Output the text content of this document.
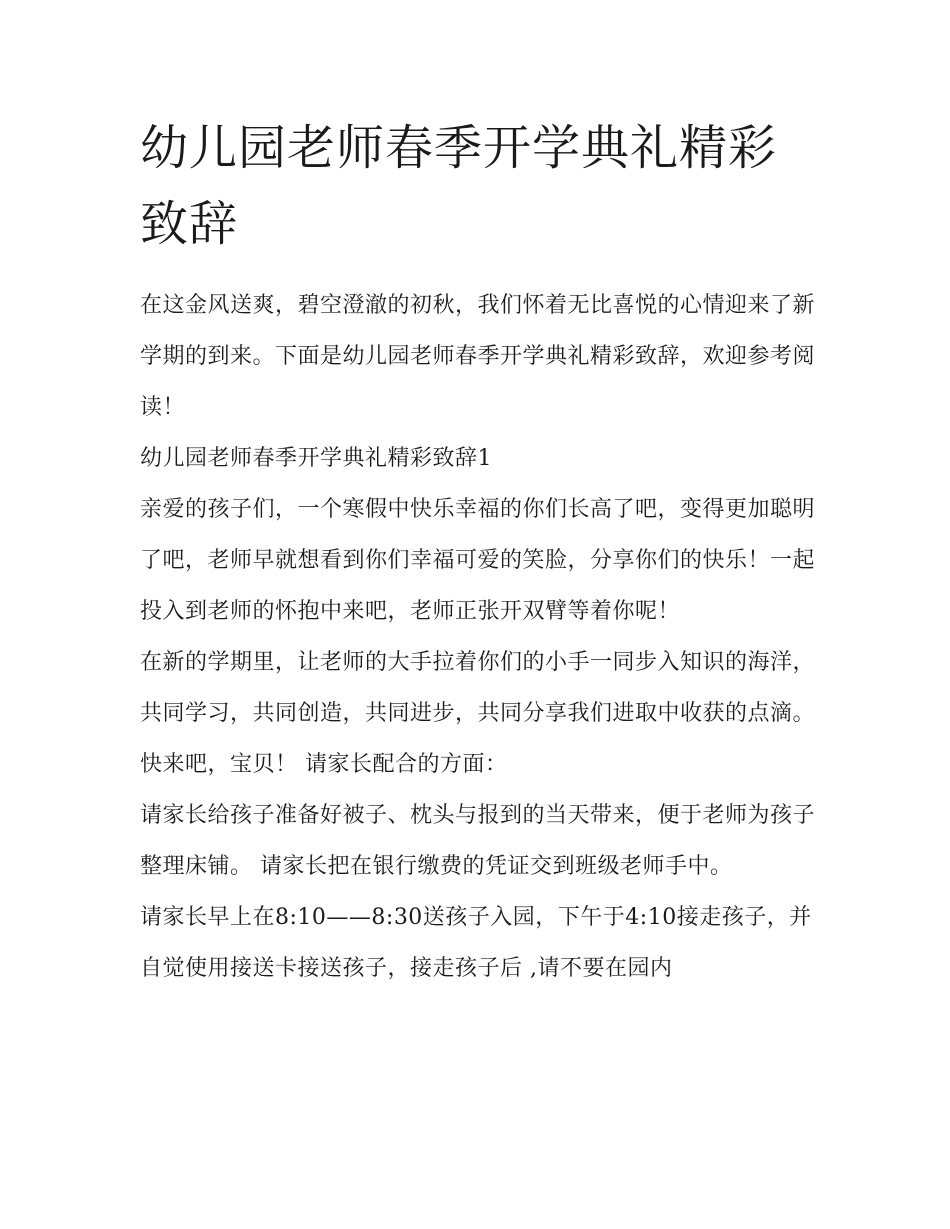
幼儿园老师春季开学典礼精彩致辞

在这金风送爽，碧空澄澈的初秋，我们怀着无比喜悦的心情迎来了新学期的到来。下面是幼儿园老师春季开学典礼精彩致辞，欢迎参考阅读！

幼儿园老师春季开学典礼精彩致辞1

亲爱的孩子们，一个寒假中快乐幸福的你们长高了吧，变得更加聪明了吧，老师早就想看到你们幸福可爱的笑脸，分享你们的快乐！一起投入到老师的怀抱中来吧，老师正张开双臂等着你呢！

在新的学期里，让老师的大手拉着你们的小手一同步入知识的海洋，共同学习，共同创造，共同进步，共同分享我们进取中收获的点滴。快来吧，宝贝！ 请家长配合的方面：

请家长给孩子准备好被子、枕头与报到的当天带来，便于老师为孩子整理床铺。 请家长把在银行缴费的凭证交到班级老师手中。

请家长早上在8:10——8:30送孩子入园，下午于4:10接走孩子，并自觉使用接送卡接送孩子，接走孩子后 ,请不要在园内
